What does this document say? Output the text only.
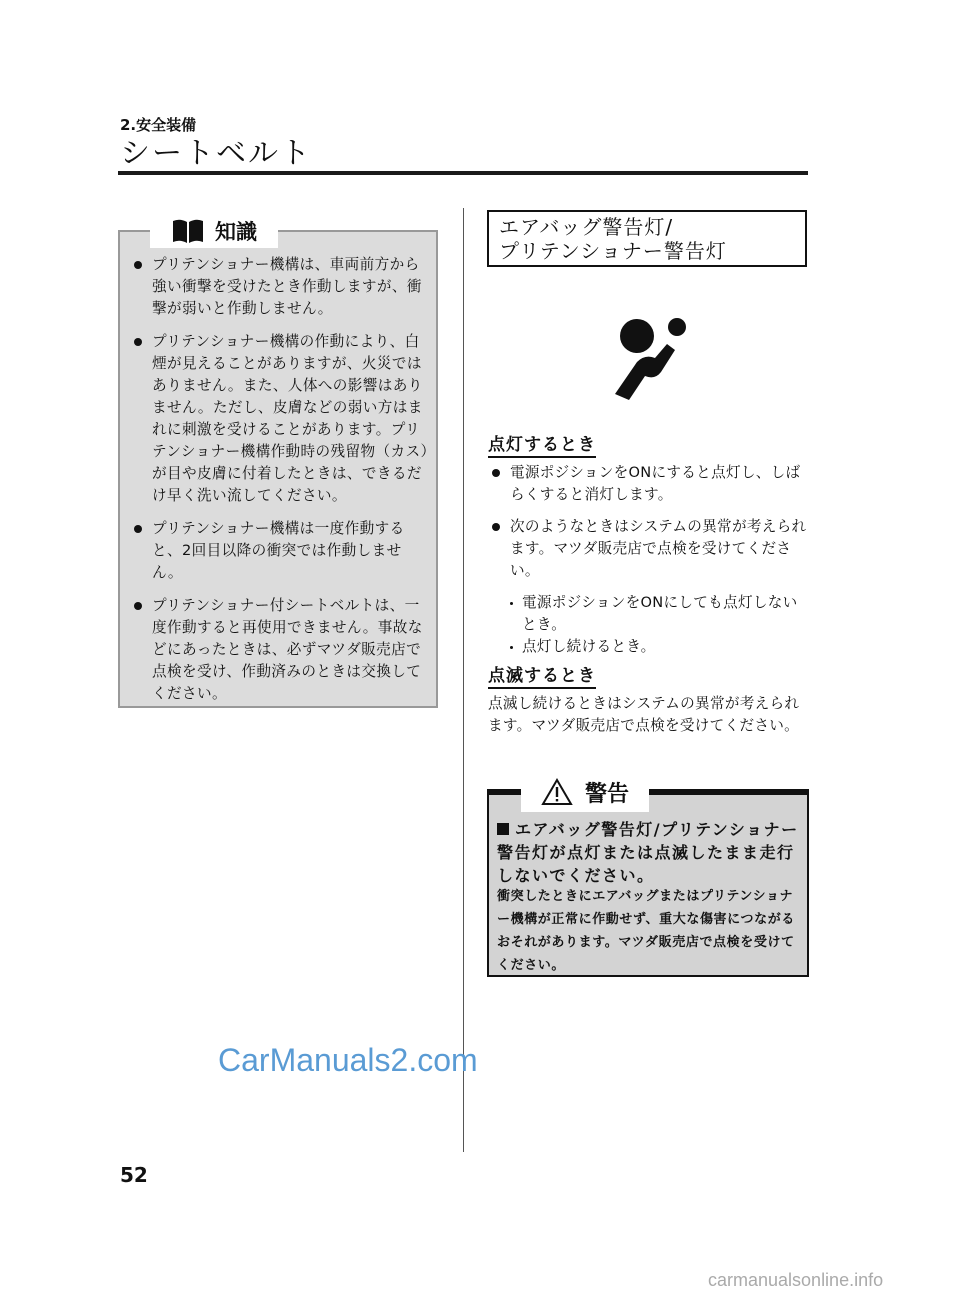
2.安全装備
シートベルト
知識
プリテンショナー機構は、車両前方から強い衝撃を受けたとき作動しますが、衝撃が弱いと作動しません。
プリテンショナー機構の作動により、白煙が見えることがありますが、火災ではありません。また、人体への影響はありません。ただし、皮膚などの弱い方はまれに刺激を受けることがあります。プリテンショナー機構作動時の残留物（カス）が目や皮膚に付着したときは、できるだけ早く洗い流してください。
プリテンショナー機構は一度作動すると、2回目以降の衝突では作動しません。
プリテンショナー付シートベルトは、一度作動すると再使用できません。事故などにあったときは、必ずマツダ販売店で点検を受け、作動済みのときは交換してください。
エアバッグ警告灯/
プリテンショナー警告灯
点灯するとき
電源ポジションをONにすると点灯し、しばらくすると消灯します。
次のようなときはシステムの異常が考えられます。マツダ販売店で点検を受けてください。
電源ポジションをONにしても点灯しないとき。
点灯し続けるとき。
点滅するとき
点滅し続けるときはシステムの異常が考えられます。マツダ販売店で点検を受けてください。
警告
エアバッグ警告灯/プリテンショナー警告灯が点灯または点滅したまま走行しないでください。
衝突したときにエアバッグまたはプリテンショナー機構が正常に作動せず、重大な傷害につながるおそれがあります。マツダ販売店で点検を受けてください。
CarManuals2.com
52
carmanualsonline.info
